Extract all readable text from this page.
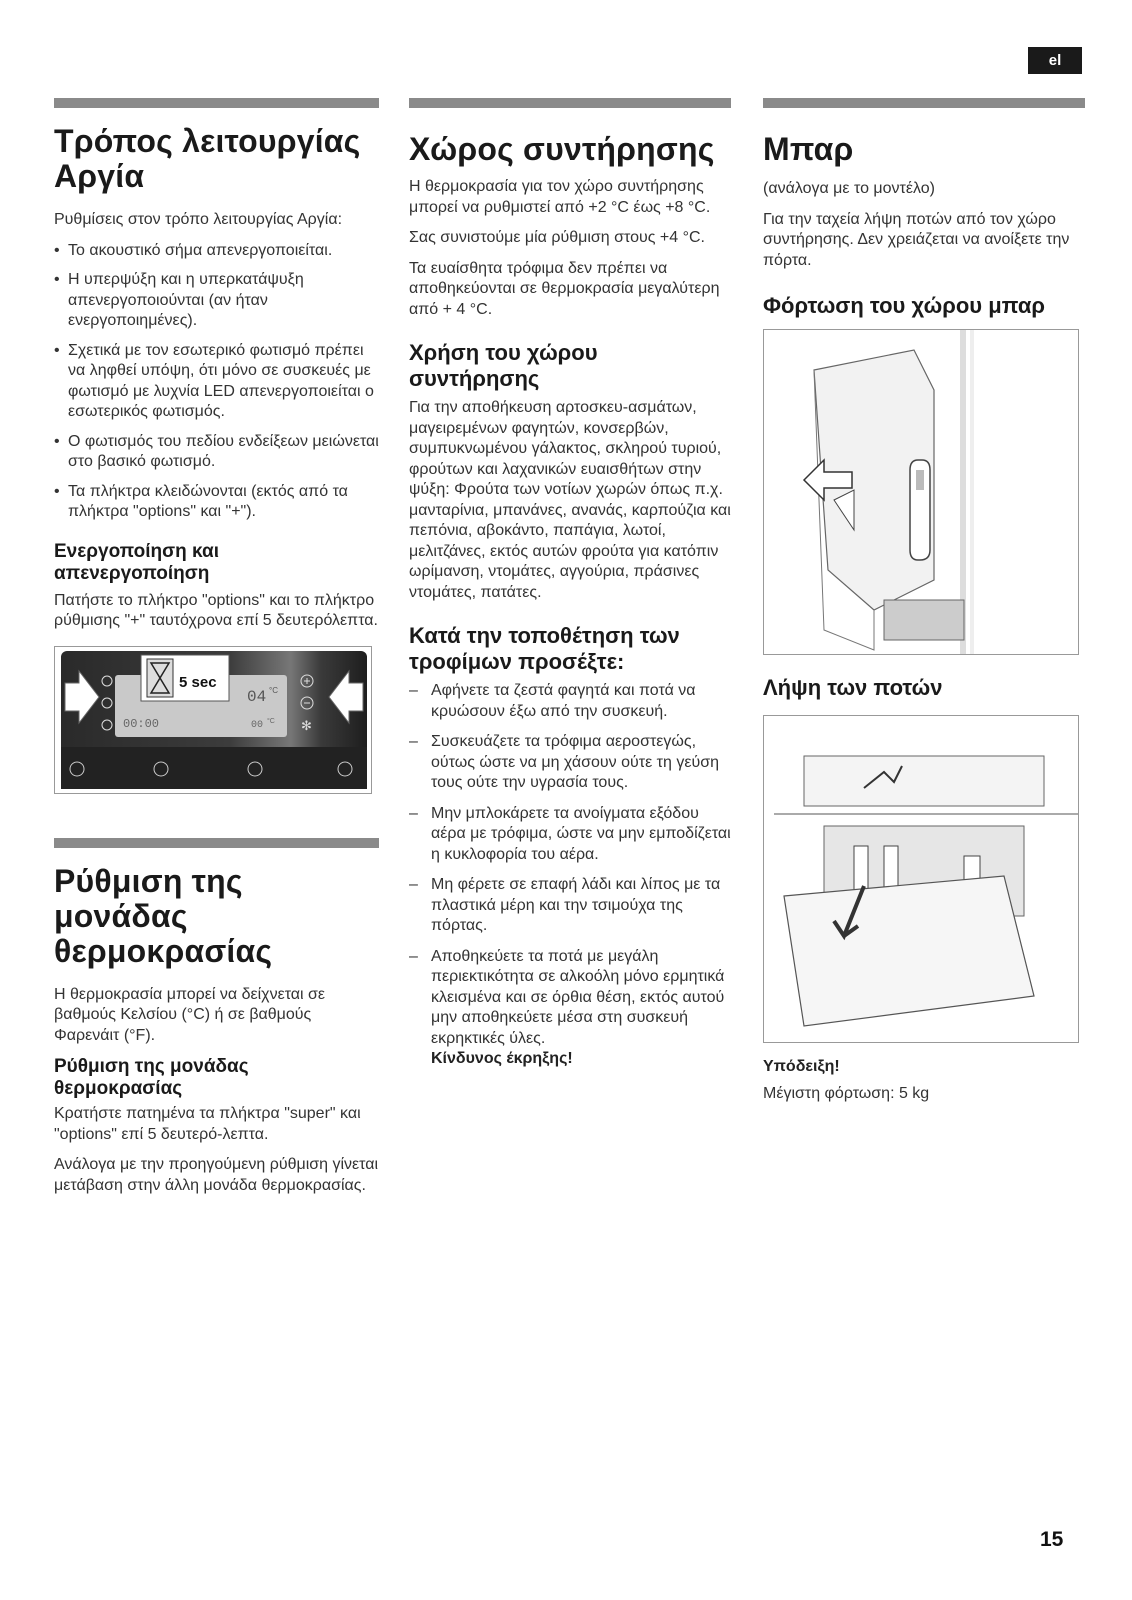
el
Τρόπος λειτουργίας Αργία

Ρυθμίσεις στον τρόπο λειτουργίας Αργία:

• Το ακουστικό σήμα απενεργοποιείται.
• Η υπερψύξη και η υπερκατάψυξη απενεργοποιούνται (αν ήταν ενεργοποιημένες).
• Σχετικά με τον εσωτερικό φωτισμό πρέπει να ληφθεί υπόψη, ότι μόνο σε συσκευές με φωτισμό με λυχνία LED απενεργοποιείται ο εσωτερικός φωτισμός.
• Ο φωτισμός του πεδίου ενδείξεων μειώνεται στο βασικό φωτισμό.
• Τα πλήκτρα κλειδώνονται (εκτός από τα πλήκτρα "options" και "+").
Ενεργοποίηση και απενεργοποίηση

Πατήστε το πλήκτρο "options" και το πλήκτρο ρύθμισης "+" ταυτόχρονα επί 5 δευτερόλεπτα.

00:00
04 °C
00 °C
5 sec
✻
Ρύθμιση της μονάδας θερμοκρασίας

Η θερμοκρασία μπορεί να δείχνεται σε βαθμούς Κελσίου (°C) ή σε βαθμούς Φαρενάιτ (°F).

Ρύθμιση της μονάδας θερμοκρασίας

Κρατήστε πατημένα τα πλήκτρα "super" και "options" επί 5 δευτερό-λεπτα.

Ανάλογα με την προηγούμενη ρύθμιση γίνεται μετάβαση στην άλλη μονάδα θερμοκρασίας.

Χώρος συντήρησης

Η θερμοκρασία για τον χώρο συντήρησης μπορεί να ρυθμιστεί από +2 °C έως +8 °C.

Σας συνιστούμε μία ρύθμιση στους +4 °C.

Τα ευαίσθητα τρόφιμα δεν πρέπει να αποθηκεύονται σε θερμοκρασία μεγαλύτερη από + 4 °C.

Χρήση του χώρου συντήρησης

Για την αποθήκευση αρτοσκευ-ασμάτων, μαγειρεμένων φαγητών, κονσερβών, συμπυκνωμένου γάλακτος, σκληρού τυριού, φρούτων και λαχανικών ευαισθήτων στην ψύξη: Φρούτα των νοτίων χωρών όπως π.χ. μανταρίνια, μπανάνες, ανανάς, καρπούζια και πεπόνια, αβοκάντο, παπάγια, λωτοί, μελιτζάνες, εκτός αυτών φρούτα για κατόπιν ωρίμανση, ντομάτες, αγγούρια, πράσινες ντομάτες, πατάτες.

Κατά την τοποθέτηση των τροφίμων προσέξτε:
– Αφήνετε τα ζεστά φαγητά και ποτά να κρυώσουν έξω από την συσκευή.
– Συσκευάζετε τα τρόφιμα αεροστεγώς, ούτως ώστε να μη χάσουν ούτε τη γεύση τους ούτε την υγρασία τους.
– Μην μπλοκάρετε τα ανοίγματα εξόδου αέρα με τρόφιμα, ώστε να μην εμποδίζεται η κυκλοφορία του αέρα.
– Μη φέρετε σε επαφή λάδι και λίπος με τα πλαστικά μέρη και την τσιμούχα της πόρτας.
– Αποθηκεύετε τα ποτά με μεγάλη περιεκτικότητα σε αλκοόλη μόνο ερμητικά κλεισμένα και σε όρθια θέση, εκτός αυτού μην αποθηκεύετε μέσα στη συσκευή εκρηκτικές ύλες.
Κίνδυνος έκρηξης!
Μπαρ

(ανάλογα με το μοντέλο)

Για την ταχεία λήψη ποτών από τον χώρο συντήρησης. Δεν χρειάζεται να ανοίξετε την πόρτα.

Φόρτωση του χώρου μπαρ
Λήψη των ποτών

Υπόδειξη!

Μέγιστη φόρτωση: 5 kg

15
